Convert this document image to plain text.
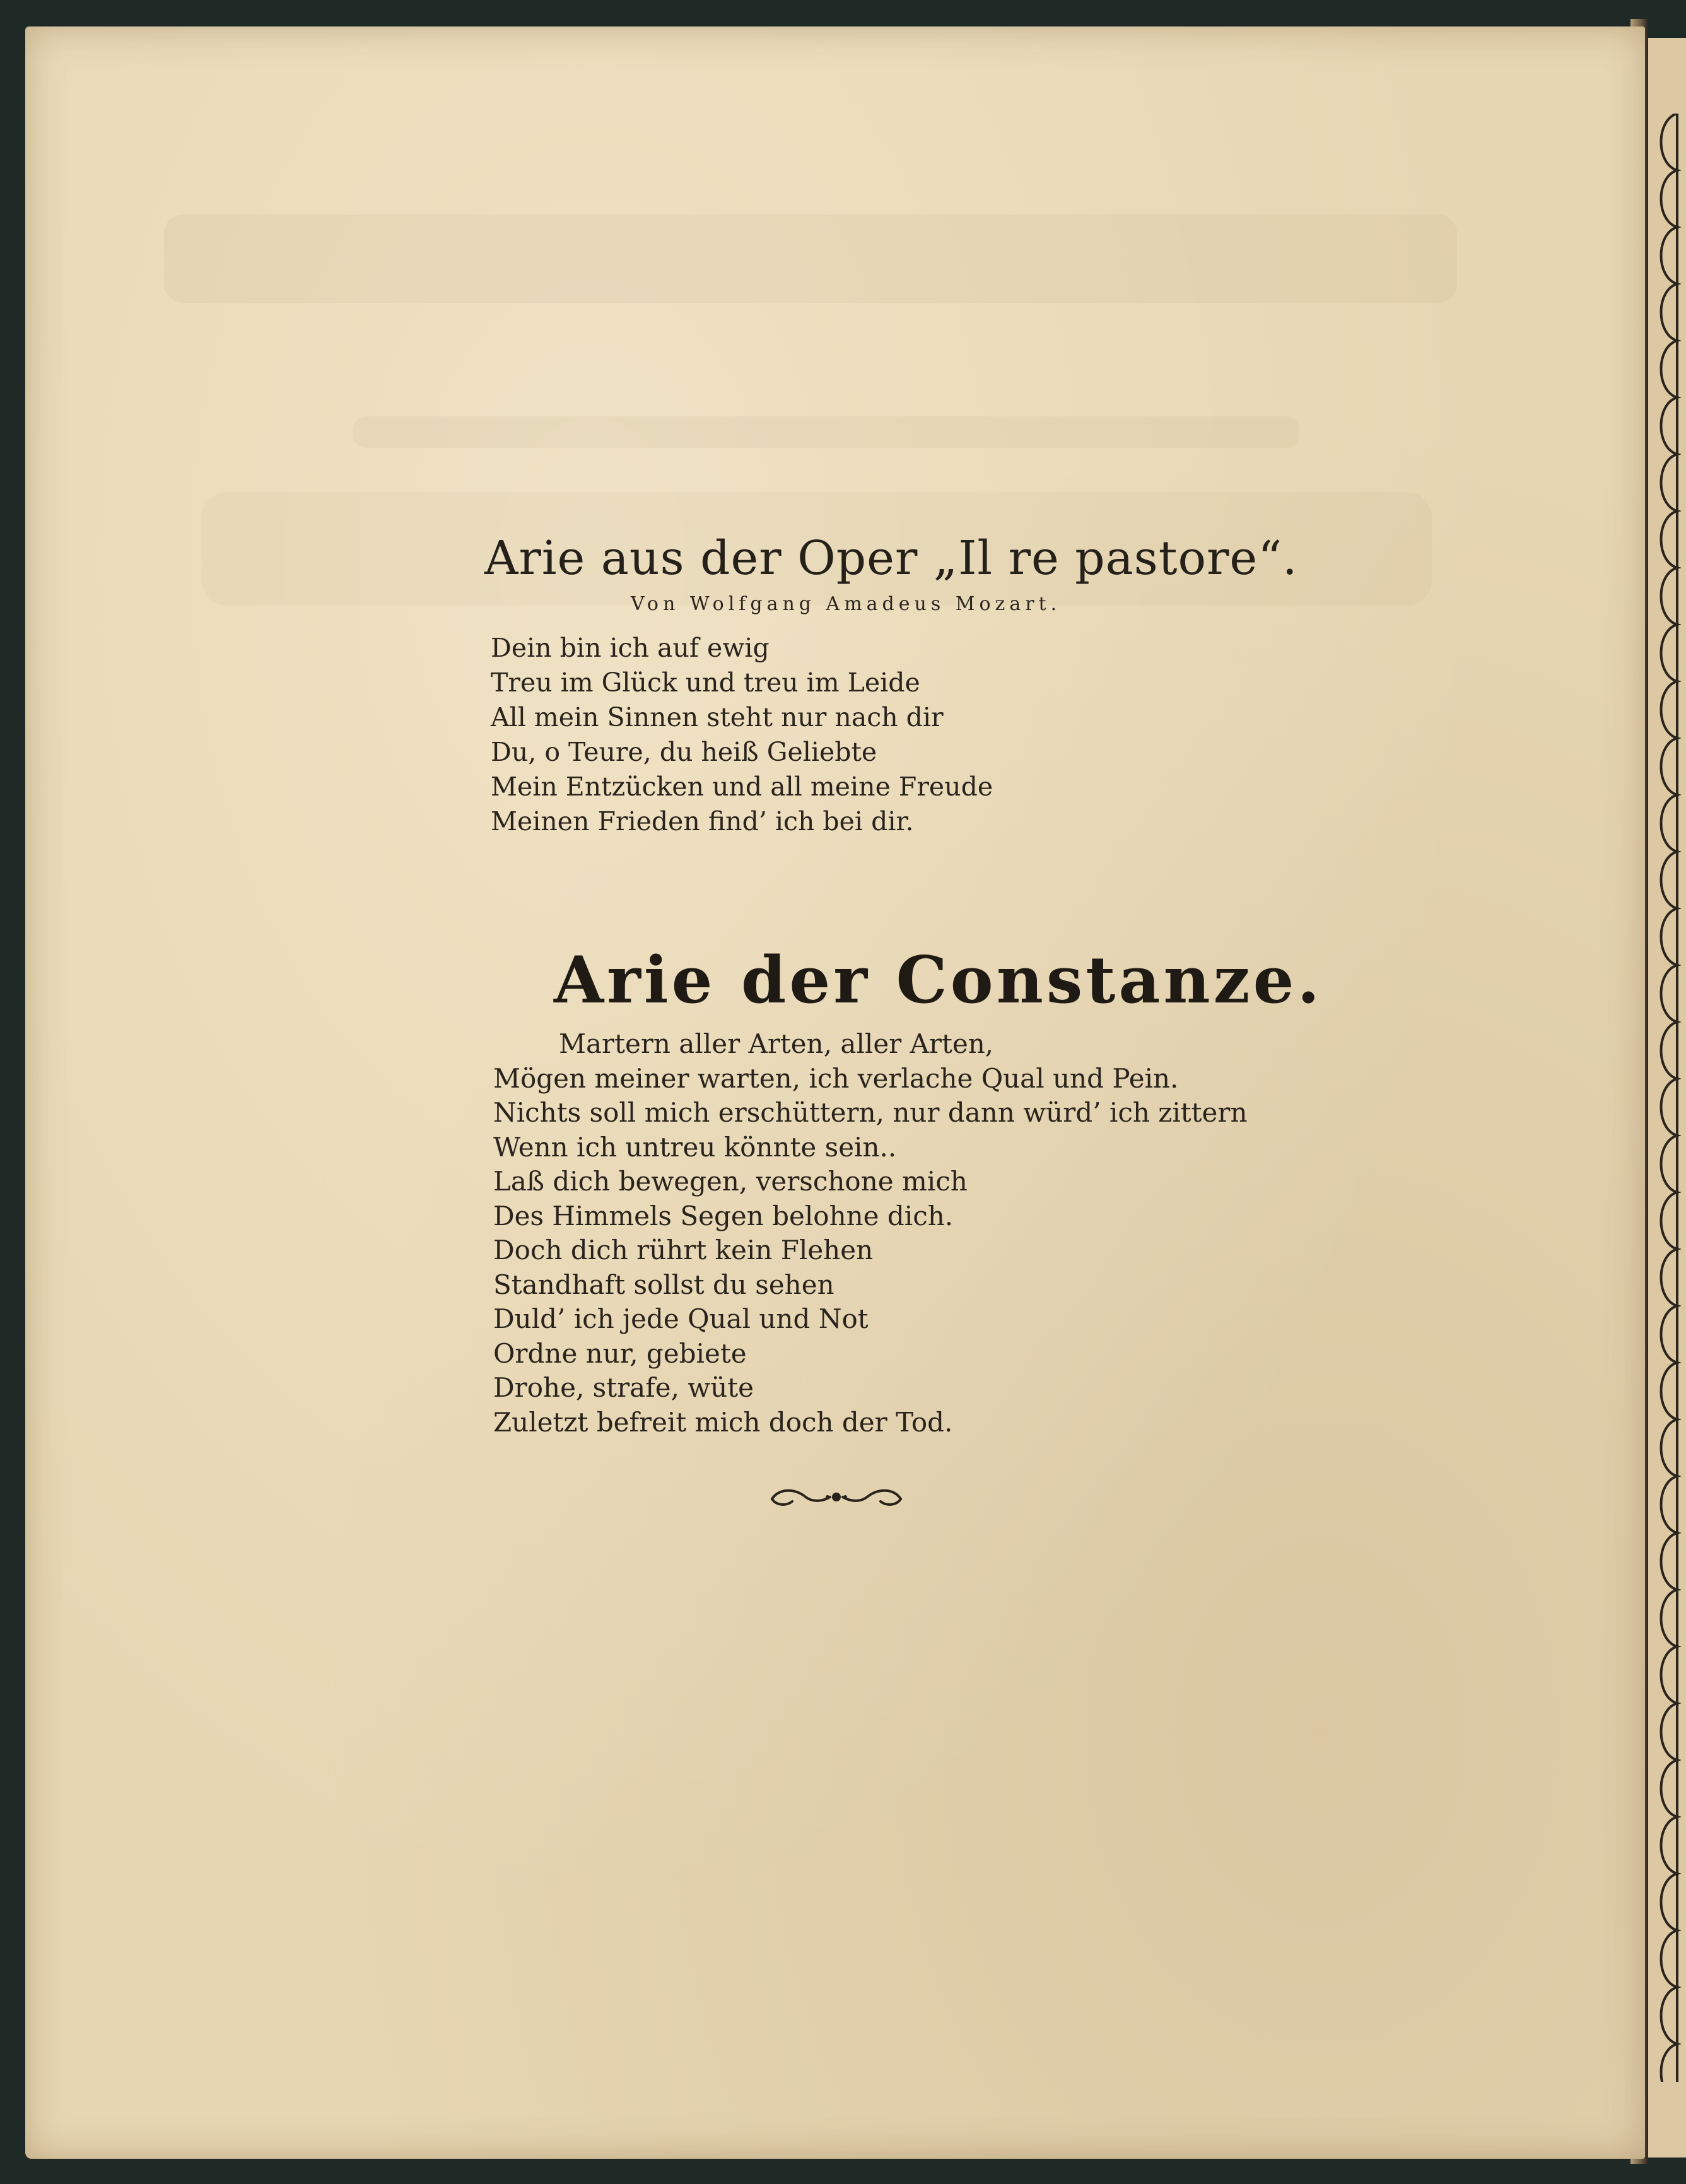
Arie aus der Oper „Il re pastore“.
Von Wolfgang Amadeus Mozart.
Dein bin ich auf ewig
Treu im Glück und treu im Leide
All mein Sinnen steht nur nach dir
Du, o Teure, du heiß Geliebte
Mein Entzücken und all meine Freude
Meinen Frieden find’ ich bei dir.
Arie der Constanze.
Martern aller Arten, aller Arten,
Mögen meiner warten, ich verlache Qual und Pein.
Nichts soll mich erschüttern, nur dann würd’ ich zittern
Wenn ich untreu könnte sein..
Laß dich bewegen, verschone mich
Des Himmels Segen belohne dich.
Doch dich rührt kein Flehen
Standhaft sollst du sehen
Duld’ ich jede Qual und Not
Ordne nur, gebiete
Drohe, strafe, wüte
Zuletzt befreit mich doch der Tod.
